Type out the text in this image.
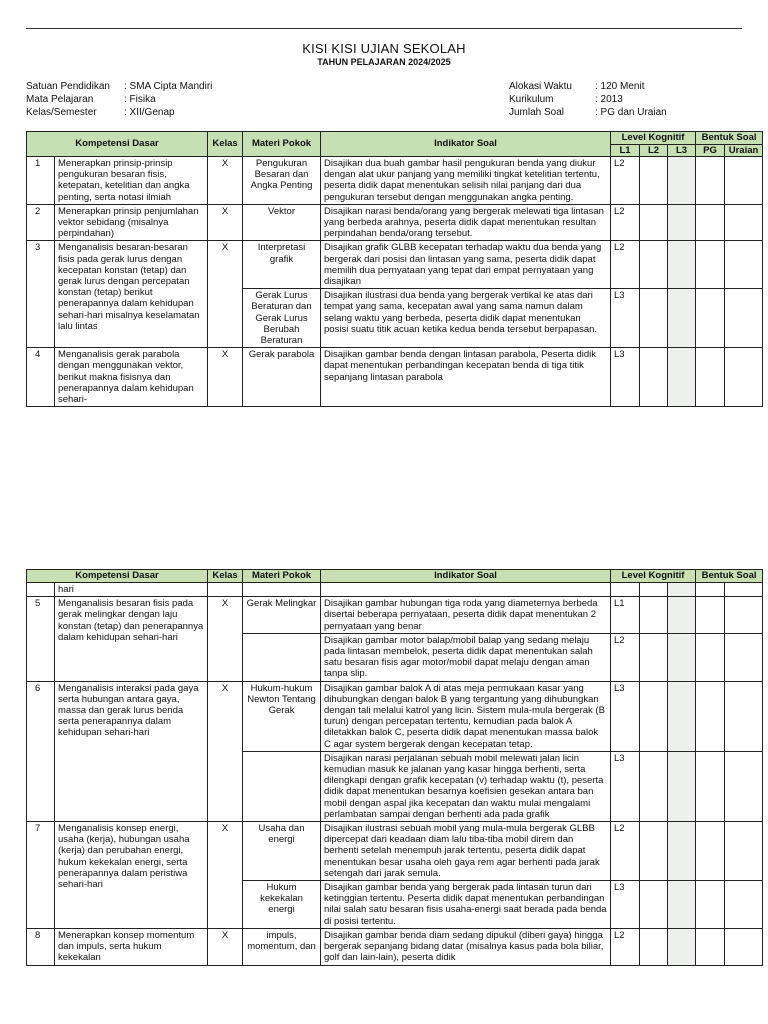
KISI KISI UJIAN SEKOLAH
TAHUN PELAJARAN 2024/2025
Satuan Pendidikan : SMA Cipta Mandiri
Mata Pelajaran	: Fisika
Kelas/Semester	: XII/Genap
Alokasi Waktu : 120 Menit
Kurikulum	: 2013
Jumlah Soal	: PG dan Uraian
Kompetensi Dasar		Kelas	Materi Pokok	Indikator Soal	Level Kognitif			Bentuk Soal	
					L1	L2	L3	PG	Uraian
1	Menerapkan prinsip-prinsip pengukuran besaran fisis, ketepatan, ketelitian dan angka penting, serta notasi ilmiah	X	Pengukuran Besaran dan Angka Penting	Disajikan dua buah gambar hasil pengukuran benda yang diukur dengan alat ukur panjang yang memiliki tingkat ketelitian tertentu, peserta didik dapat menentukan selisih nilai panjang dari dua pengukuran tersebut dengan menggunakan angka penting.	L2				
2	Menerapkan prinsip penjumlahan vektor sebidang (misalnya perpindahan)	X	Vektor	Disajikan narasi benda/orang yang bergerak melewati tiga lintasan yang berbeda arahnya, peserta didik dapat menentukan resultan perpindahan benda/orang tersebut.	L2				
3	Menganalisis besaran-besaran fisis pada gerak lurus dengan kecepatan konstan (tetap) dan gerak lurus dengan percepatan konstan (tetap) berikut penerapannya dalam kehidupan sehari-hari misalnya keselamatan lalu lintas	X	Interpretasi grafik	Disajikan grafik GLBB kecepatan terhadap waktu dua benda yang bergerak dari posisi dan lintasan yang sama, peserta didik dapat memilih dua pernyataan yang tepat dari empat pernyataan yang disajikan	L2				
			Gerak Lurus Beraturan dan Gerak Lurus Berubah Beraturan	Disajikan ilustrasi dua benda yang bergerak vertikal ke atas dari tempat yang sama, kecepatan awal yang sama namun dalam selang waktu yang berbeda, peserta didik dapat menentukan posisi suatu titik acuan ketika kedua benda tersebut berpapasan.	L3				
4	Menganalisis gerak parabola dengan menggunakan vektor, berikut makna fisisnya dan penerapannya dalam kehidupan sehari-	X	Gerak parabola	Disajikan gambar benda dengan lintasan parabola, Peserta didik dapat menentukan perbandingan kecepatan benda di tiga titik sepanjang lintasan parabola	L3				
Kompetensi Dasar		Kelas	Materi Pokok	Indikator Soal	Level Kognitif			Bentuk Soal	
	hari								
5	Menganalisis besaran fisis pada gerak melingkar dengan laju konstan (tetap) dan penerapannya dalam kehidupan sehari-hari	X	Gerak Melingkar	Disajikan gambar hubungan tiga roda yang diameternya berbeda disertai beberapa pernyataan, peserta didik dapat menentukan 2 pernyataan yang benar	L1				
				Disajikan gambar motor balap/mobil balap yang sedang melaju pada lintasan membelok, peserta didik dapat menentukan salah satu besaran fisis agar motor/mobil dapat melaju dengan aman tanpa slip.	L2				
6	Menganalisis interaksi pada gaya serta hubungan antara gaya, massa dan gerak lurus benda serta penerapannya dalam kehidupan sehari-hari	X	Hukum-hukum Newton Tentang Gerak	Disajikan gambar balok A di atas meja permukaan kasar yang dihubungkan dengan balok B yang tergantung yang dihubungkan dengan tali melalui katrol yang licin. Sistem mula-mula bergerak (B turun) dengan percepatan tertentu, kemudian pada balok A diletakkan balok C, peserta didik dapat menentukan massa balok C agar system bergerak dengan kecepatan tetap.	L3				
				Disajikan narasi perjalanan sebuah mobil melewati jalan licin kemudian masuk ke jalanan yang kasar hingga berhenti, serta dilengkapi dengan grafik kecepatan (v) terhadap waktu (t), peserta didik dapat menentukan besarnya koefisien gesekan antara ban mobil dengan aspal jika kecepatan dan waktu mulai mengalami perlambatan sampai dengan berhenti ada pada grafik	L3				
7	Menganalisis konsep energi, usaha (kerja), hubungan usaha (kerja) dan perubahan energi, hukum kekekalan energi, serta penerapannya dalam peristiwa sehari-hari	X	Usaha dan energi	Disajikan ilustrasi sebuah mobil yang mula-mula bergerak GLBB dipercepat dari keadaan diam lalu tiba-tiba mobil direm dan berhenti setelah menempuh jarak tertentu, peserta didik dapat menentukan besar usaha oleh gaya rem agar berhenti pada jarak setengah dari jarak semula.	L2				
			Hukum kekekalan energi	Disajikan gambar benda yang bergerak pada lintasan turun dari ketinggian tertentu. Peserta didik dapat menentukan perbandingan nilai salah satu besaran fisis usaha-energi saat berada pada benda di posisi tertentu.	L3				
8	Menerapkan konsep momentum dan impuls, serta hukum kekekalan	X	impuls, momentum, dan	Disajikan gambar benda diam sedang dipukul (diberi gaya) hingga bergerak sepanjang bidang datar (misalnya kasus pada bola biliar, golf dan lain-lain), peserta didik	L2				
